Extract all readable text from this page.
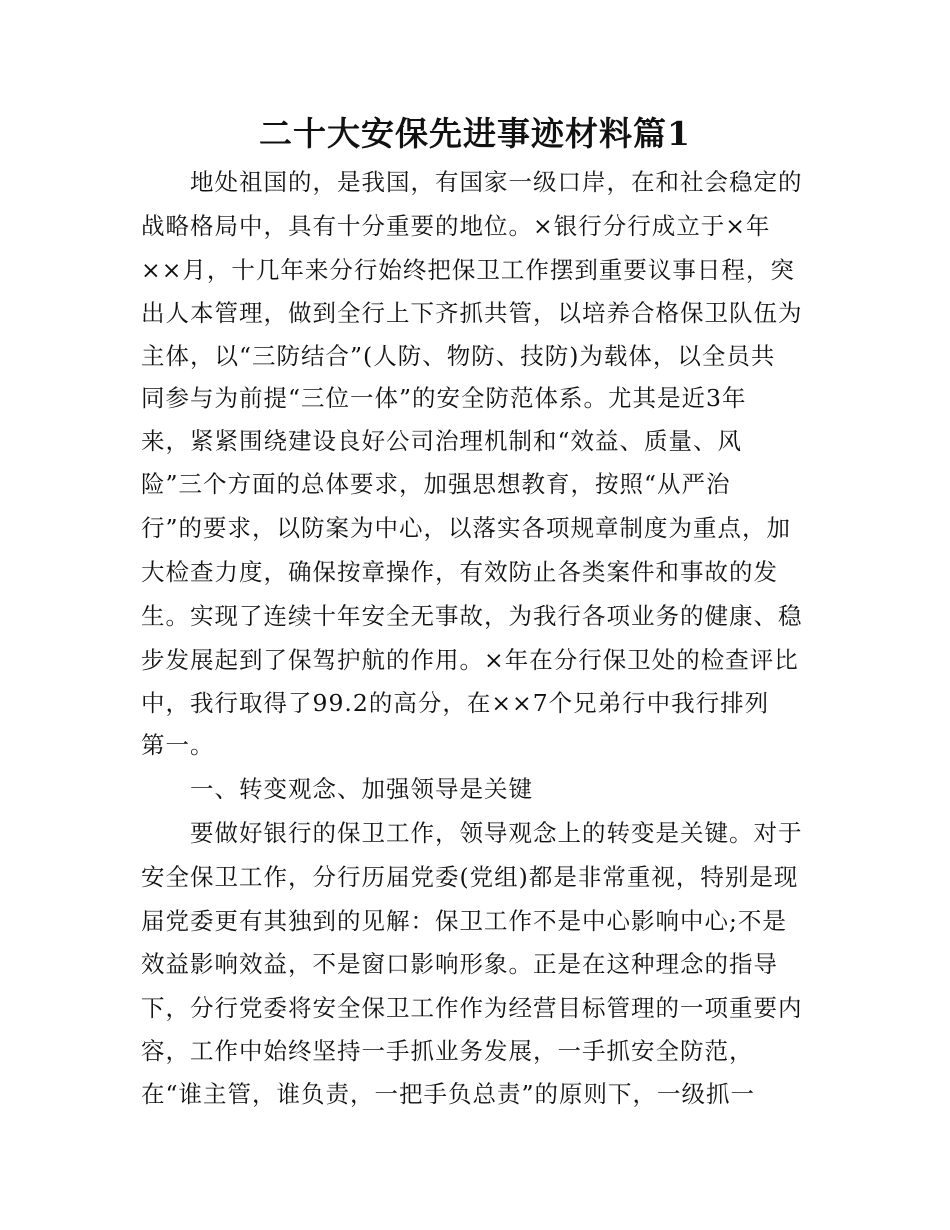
二十大安保先进事迹材料篇1
地处祖国的，是我国，有国家一级口岸，在和社会稳定的
战略格局中，具有十分重要的地位。×银行分行成立于×年
××月，十几年来分行始终把保卫工作摆到重要议事日程，突
出人本管理，做到全行上下齐抓共管，以培养合格保卫队伍为
主体，以“三防结合”(人防、物防、技防)为载体，以全员共
同参与为前提“三位一体”的安全防范体系。尤其是近3年
来，紧紧围绕建设良好公司治理机制和“效益、质量、风
险”三个方面的总体要求，加强思想教育，按照“从严治
行”的要求，以防案为中心，以落实各项规章制度为重点，加
大检查力度，确保按章操作，有效防止各类案件和事故的发
生。实现了连续十年安全无事故，为我行各项业务的健康、稳
步发展起到了保驾护航的作用。×年在分行保卫处的检查评比
中，我行取得了99.2的高分，在××7个兄弟行中我行排列
第一。
一、转变观念、加强领导是关键
要做好银行的保卫工作，领导观念上的转变是关键。对于
安全保卫工作，分行历届党委(党组)都是非常重视，特别是现
届党委更有其独到的见解：保卫工作不是中心影响中心;不是
效益影响效益，不是窗口影响形象。正是在这种理念的指导
下，分行党委将安全保卫工作作为经营目标管理的一项重要内
容，工作中始终坚持一手抓业务发展，一手抓安全防范，
在“谁主管，谁负责，一把手负总责”的原则下，一级抓一
